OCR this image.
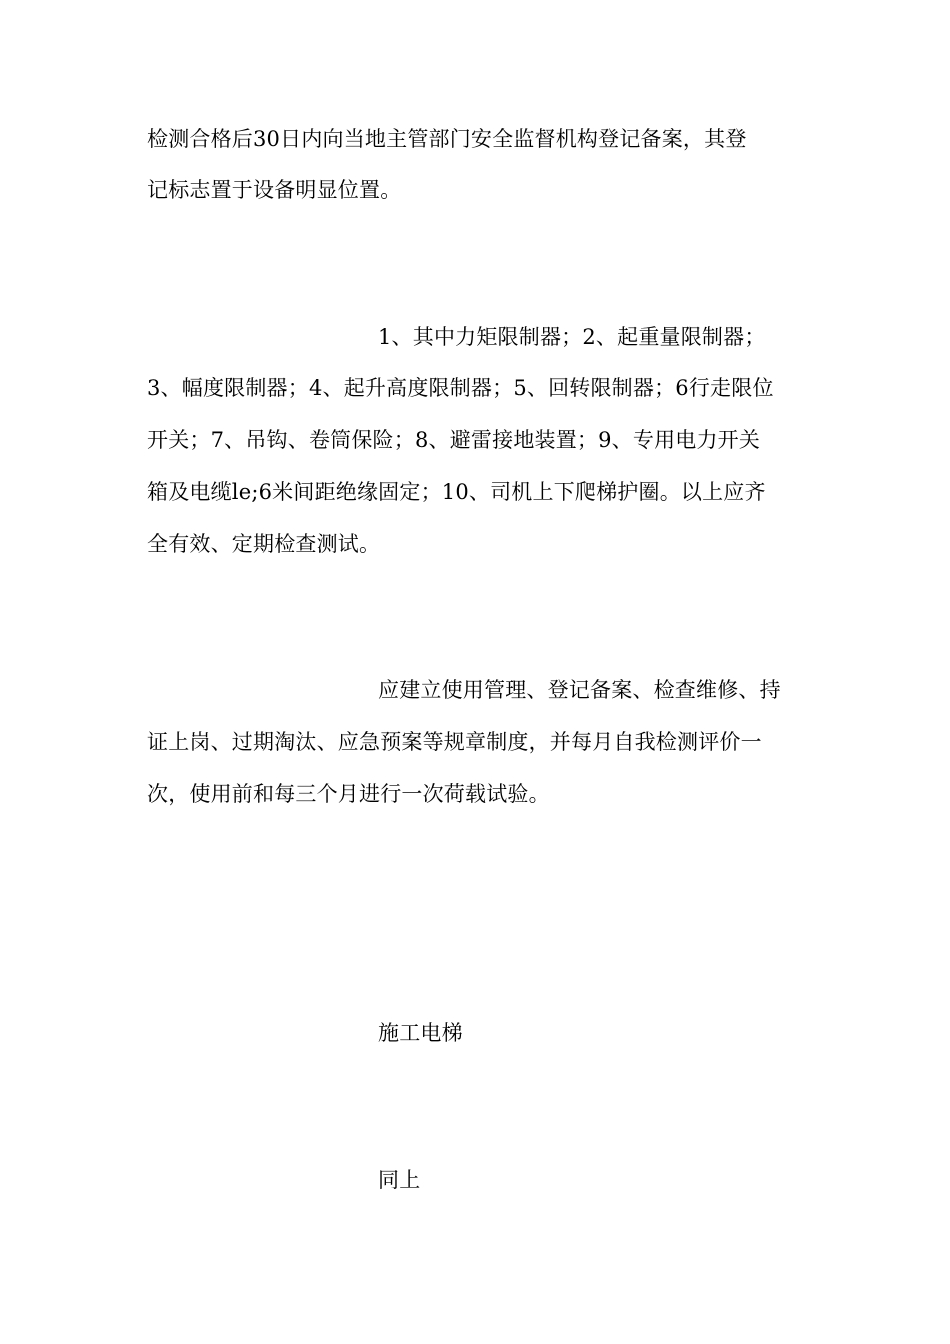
检测合格后30日内向当地主管部门安全监督机构登记备案，其登
记标志置于设备明显位置。
1、其中力矩限制器；2、起重量限制器；
3、幅度限制器；4、起升高度限制器；5、回转限制器；6行走限位
开关；7、吊钩、卷筒保险；8、避雷接地装置；9、专用电力开关
箱及电缆le;6米间距绝缘固定；10、司机上下爬梯护圈。以上应齐
全有效、定期检查测试。
应建立使用管理、登记备案、检查维修、持
证上岗、过期淘汰、应急预案等规章制度，并每月自我检测评价一
次，使用前和每三个月进行一次荷载试验。
施工电梯
同上
